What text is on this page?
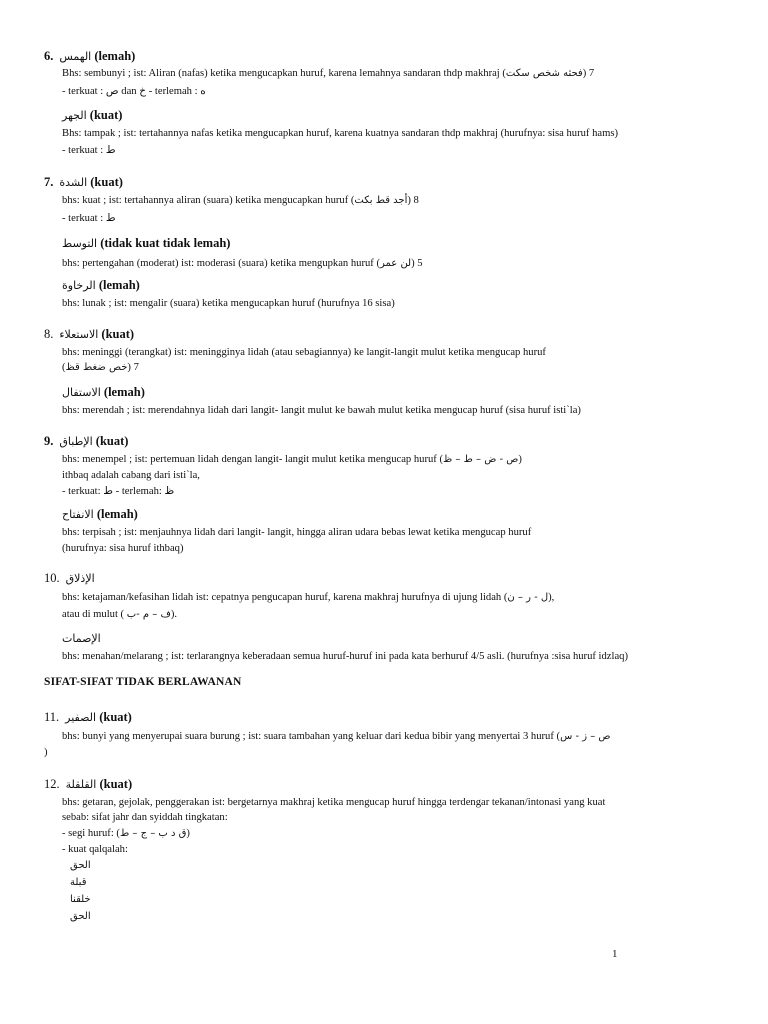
6. الهمس (lemah)
Bhs: sembunyi ; ist: Aliran (nafas) ketika mengucapkan huruf, karena lemahnya sandaran thdp makhraj (فحثه شخص سكت) 7
- terkuat : ص dan خ - terlemah : ه
الجهر (kuat)
Bhs: tampak ; ist: tertahannya nafas ketika mengucapkan huruf, karena kuatnya sandaran thdp makhraj (hurufnya: sisa huruf hams)
- terkuat : ط
7. الشدة (kuat)
bhs: kuat ; ist: tertahannya aliran (suara) ketika mengucapkan huruf (أجد قط بكت) 8
- terkuat : ط
التوسط (tidak kuat tidak lemah)
bhs: pertengahan (moderat) ist: moderasi (suara) ketika mengupkan huruf (لن عمر) 5
الرخاوة (lemah)
bhs: lunak ; ist: mengalir (suara) ketika mengucapkan huruf (hurufnya 16 sisa)
8. الاستعلاء (kuat)
bhs: meninggi (terangkat) ist: meningginya lidah (atau sebagiannya) ke langit-langit mulut ketika mengucap huruf
(خص ضغط قظ) 7
الاستفال (lemah)
bhs: merendah ; ist: merendahnya lidah dari langit- langit mulut ke bawah mulut ketika mengucap huruf (sisa huruf isti`la)
9. الإطباق (kuat)
bhs: menempel ; ist: pertemuan lidah dengan langit- langit mulut ketika mengucap huruf (ص - ض – ط – ظ)
ithbaq adalah cabang dari isti`la,
- terkuat: ط - terlemah: ظ
الانفتاح (lemah)
bhs: terpisah ; ist: menjauhnya lidah dari langit- langit, hingga aliran udara bebas lewat ketika mengucap huruf
(hurufnya: sisa huruf ithbaq)
10. الإذلاق
bhs: ketajaman/kefasihan lidah ist: cepatnya pengucapan huruf, karena makhraj hurufnya di ujung lidah (ل - ر – ن),
atau di mulut ( ف – م -ب).
الإصمات
bhs: menahan/melarang ; ist: terlarangnya keberadaan semua huruf-huruf ini pada kata berhuruf 4/5 asli. (hurufnya :sisa huruf idzlaq)
SIFAT-SIFAT TIDAK BERLAWANAN
11. الصفير (kuat)
bhs: bunyi yang menyerupai suara burung ; ist: suara tambahan yang keluar dari kedua bibir yang menyertai 3 huruf (ص – ز - س
)
12. القلقلة (kuat)
bhs: getaran, gejolak, penggerakan ist: bergetarnya makhraj ketika mengucap huruf hingga terdengar tekanan/intonasi yang kuat
sebab: sifat jahr dan syiddah tingkatan:
- segi huruf: (ق د ب – ج – ط)
- kuat qalqalah:
الحق
قبلة
خلقنا
الحق
1
